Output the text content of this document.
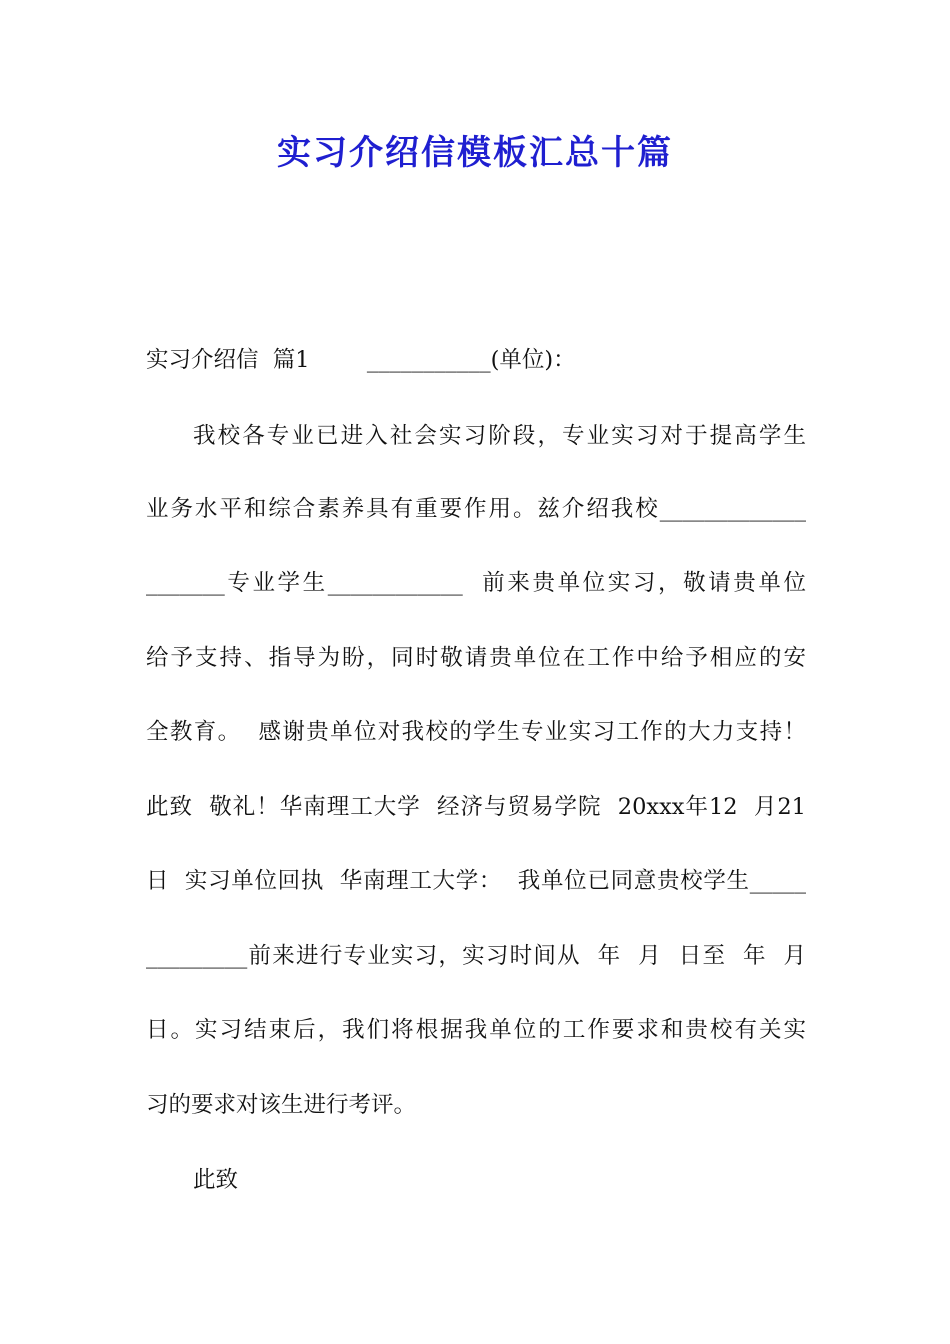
实习介绍信模板汇总十篇

实习介绍信  篇1        ___________(单位)：

我校各专业已进入社会实习阶段，专业实习对于提高学生

业务水平和综合素养具有重要作用。兹介绍我校_____________

_______专业学生____________  前来贵单位实习，敬请贵单位

给予支持、指导为盼，同时敬请贵单位在工作中给予相应的安

全教育。  感谢贵单位对我校的学生专业实习工作的大力支持！

此致  敬礼！华南理工大学  经济与贸易学院  20xxx年12  月21

日  实习单位回执  华南理工大学：  我单位已同意贵校学生_____

_________前来进行专业实习，实习时间从  年  月  日至  年  月

日。实习结束后，我们将根据我单位的工作要求和贵校有关实

习的要求对该生进行考评。

此致
